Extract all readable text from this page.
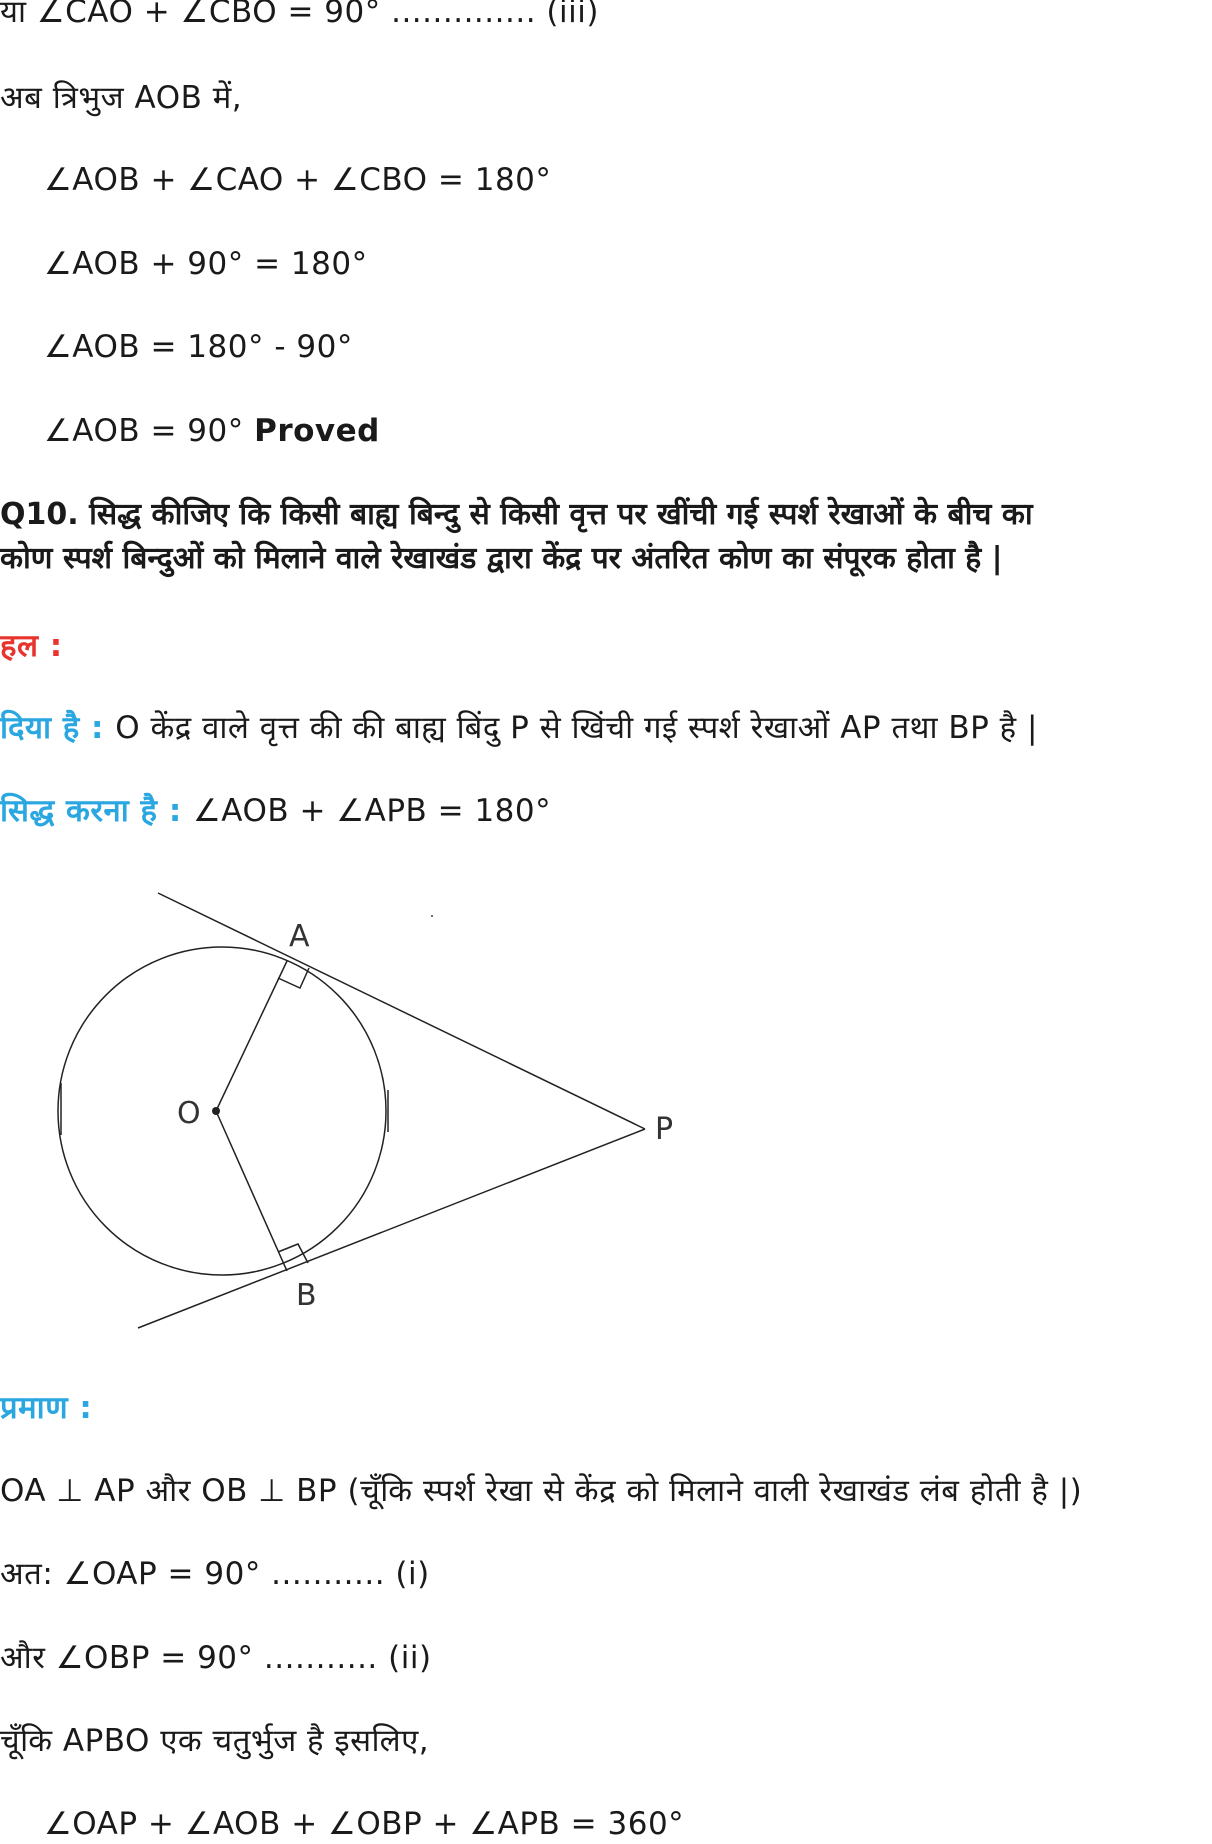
या ∠CAO + ∠CBO = 90° .............. (iii)
अब त्रिभुज AOB में,
∠AOB + ∠CAO + ∠CBO = 180°
∠AOB + 90° = 180°
∠AOB = 180° - 90°
∠AOB = 90° Proved
Q10. सिद्ध कीजिए कि किसी बाह्य बिन्दु से किसी वृत्त पर खींची गई स्पर्श रेखाओं के बीच का
कोण स्पर्श बिन्दुओं को मिलाने वाले रेखाखंड द्वारा केंद्र पर अंतरित कोण का संपूरक होता है |
हल :
दिया है : O केंद्र वाले वृत्त की की बाह्य बिंदु P से खिंची गई स्पर्श रेखाओं AP तथा BP है |
सिद्ध करना है : ∠AOB + ∠APB = 180°
A
O	P
B
प्रमाण :
OA ⊥ AP और OB ⊥ BP (चूँकि स्पर्श रेखा से केंद्र को मिलाने वाली रेखाखंड लंब होती है |)
अत: ∠OAP = 90° ........... (i)
और ∠OBP = 90° ........... (ii)
चूँकि APBO एक चतुर्भुज है इसलिए,
∠OAP + ∠AOB + ∠OBP + ∠APB = 360°
